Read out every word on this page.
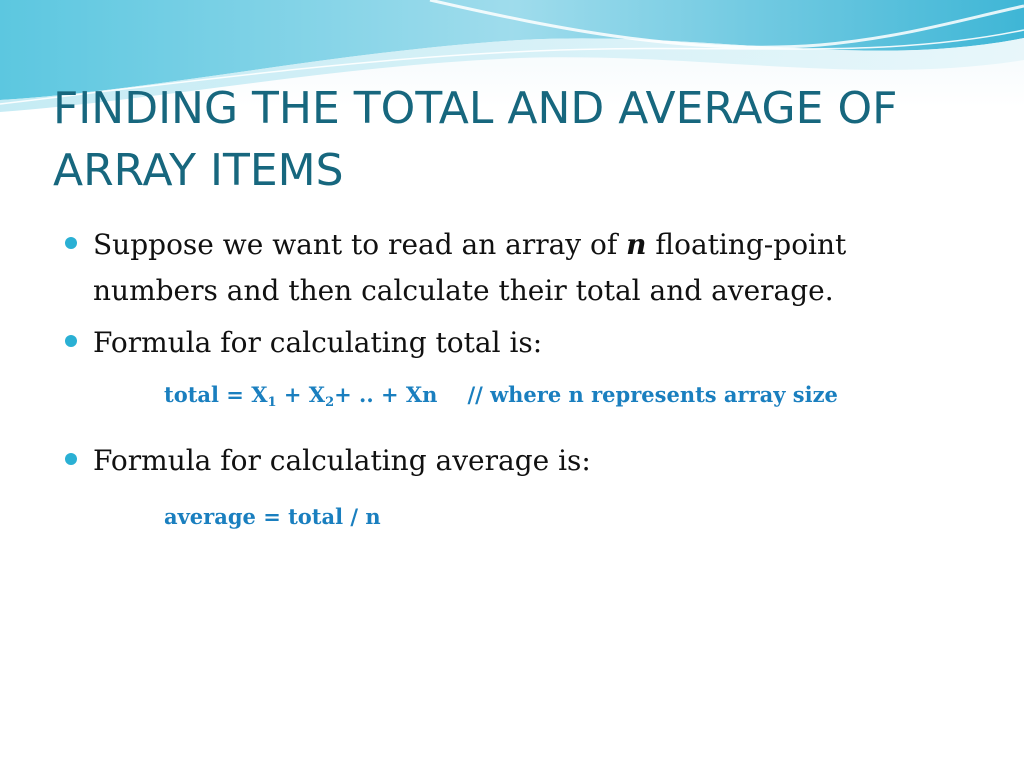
FINDING THE TOTAL AND AVERAGE OF ARRAY ITEMS
Suppose we want to read an array of n floating-point numbers and then calculate their total and average.
Formula for calculating total is:
total = $X_1 + X_2+$ .. + Xn // where n represents array size
Formula for calculating average is:
average = total / n
